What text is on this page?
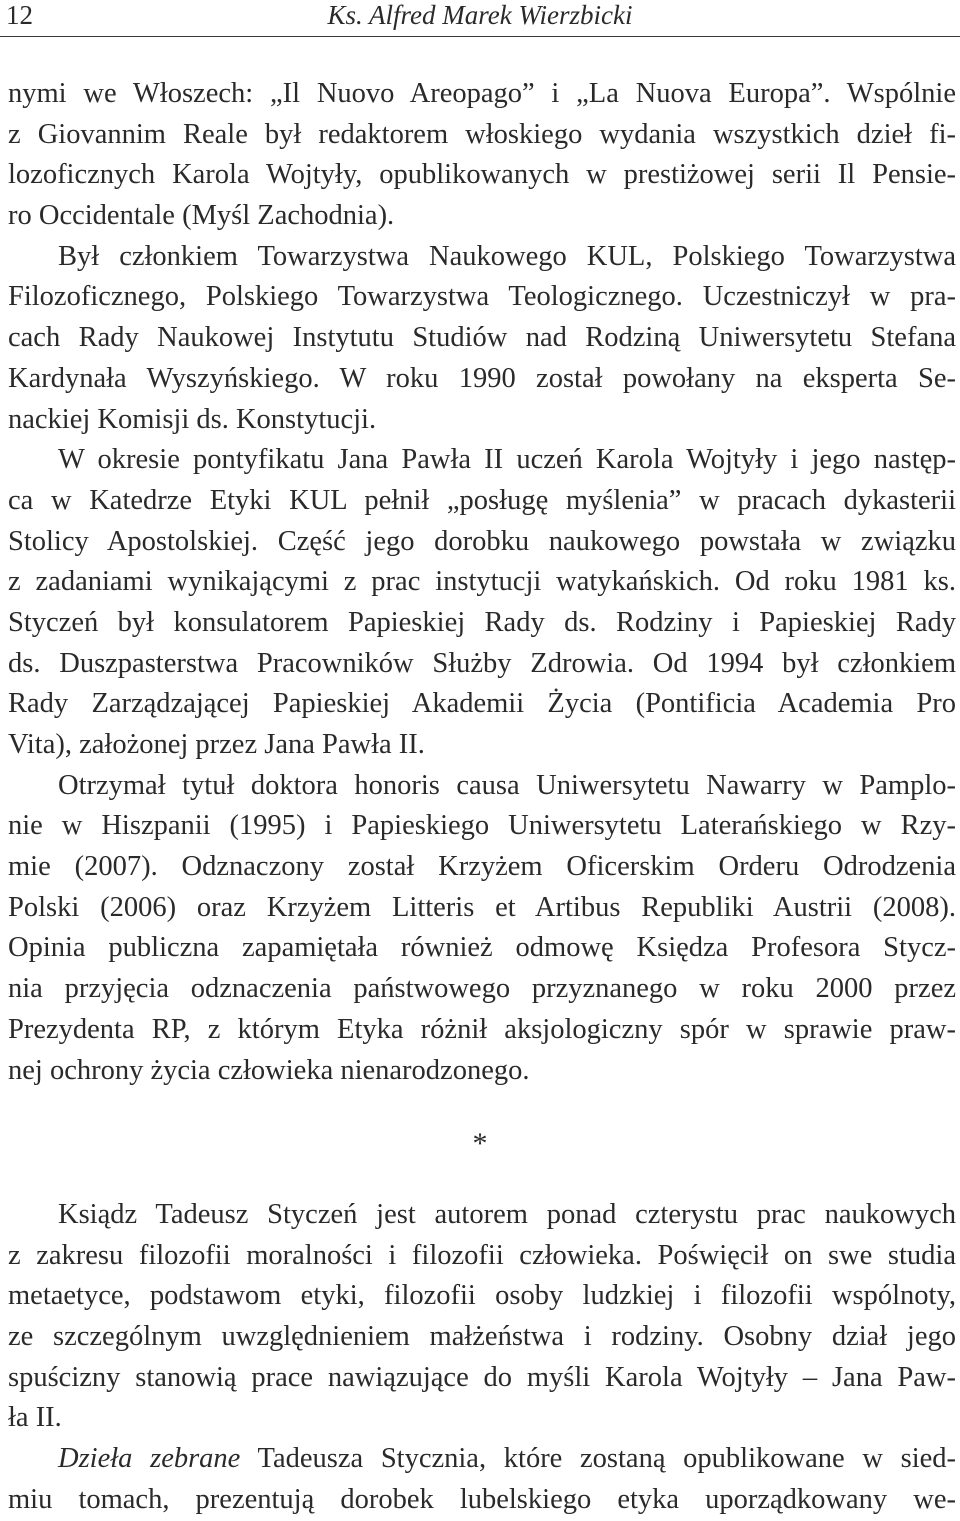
12	Ks. Alfred Marek Wierzbicki
nymi we Włoszech: „Il Nuovo Areopago” i „La Nuova Europa”. Wspólnie
z Giovannim Reale był redaktorem włoskiego wydania wszystkich dzieł fi-
lozoficznych Karola Wojtyły, opublikowanych w prestiżowej serii Il Pensie-
ro Occidentale (Myśl Zachodnia).
Był członkiem Towarzystwa Naukowego KUL, Polskiego Towarzystwa
Filozoficznego, Polskiego Towarzystwa Teologicznego. Uczestniczył w pra-
cach Rady Naukowej Instytutu Studiów nad Rodziną Uniwersytetu Stefana
Kardynała Wyszyńskiego. W roku 1990 został powołany na eksperta Se-
nackiej Komisji ds. Konstytucji.
W okresie pontyfikatu Jana Pawła II uczeń Karola Wojtyły i jego następ-
ca w Katedrze Etyki KUL pełnił „posługę myślenia” w pracach dykasterii
Stolicy Apostolskiej. Część jego dorobku naukowego powstała w związku
z zadaniami wynikającymi z prac instytucji watykańskich. Od roku 1981 ks.
Styczeń był konsulatorem Papieskiej Rady ds. Rodziny i Papieskiej Rady
ds. Duszpasterstwa Pracowników Służby Zdrowia. Od 1994 był członkiem
Rady Zarządzającej Papieskiej Akademii Życia (Pontificia Academia Pro
Vita), założonej przez Jana Pawła II.
Otrzymał tytuł doktora honoris causa Uniwersytetu Nawarry w Pamplo-
nie w Hiszpanii (1995) i Papieskiego Uniwersytetu Laterańskiego w Rzy-
mie (2007). Odznaczony został Krzyżem Oficerskim Orderu Odrodzenia
Polski (2006) oraz Krzyżem Litteris et Artibus Republiki Austrii (2008).
Opinia publiczna zapamiętała również odmowę Księdza Profesora Stycz-
nia przyjęcia odznaczenia państwowego przyznanego w roku 2000 przez
Prezydenta RP, z którym Etyka różnił aksjologiczny spór w sprawie praw-
nej ochrony życia człowieka nienarodzonego.
*
Ksiądz Tadeusz Styczeń jest autorem ponad czterystu prac naukowych
z zakresu filozofii moralności i filozofii człowieka. Poświęcił on swe studia
metaetyce, podstawom etyki, filozofii osoby ludzkiej i filozofii wspólnoty,
ze szczególnym uwzględnieniem małżeństwa i rodziny. Osobny dział jego
spuścizny stanowią prace nawiązujące do myśli Karola Wojtyły – Jana Paw-
ła II.
Dzieła zebrane Tadeusza Stycznia, które zostaną opublikowane w sied-
miu tomach, prezentują dorobek lubelskiego etyka uporządkowany we-
